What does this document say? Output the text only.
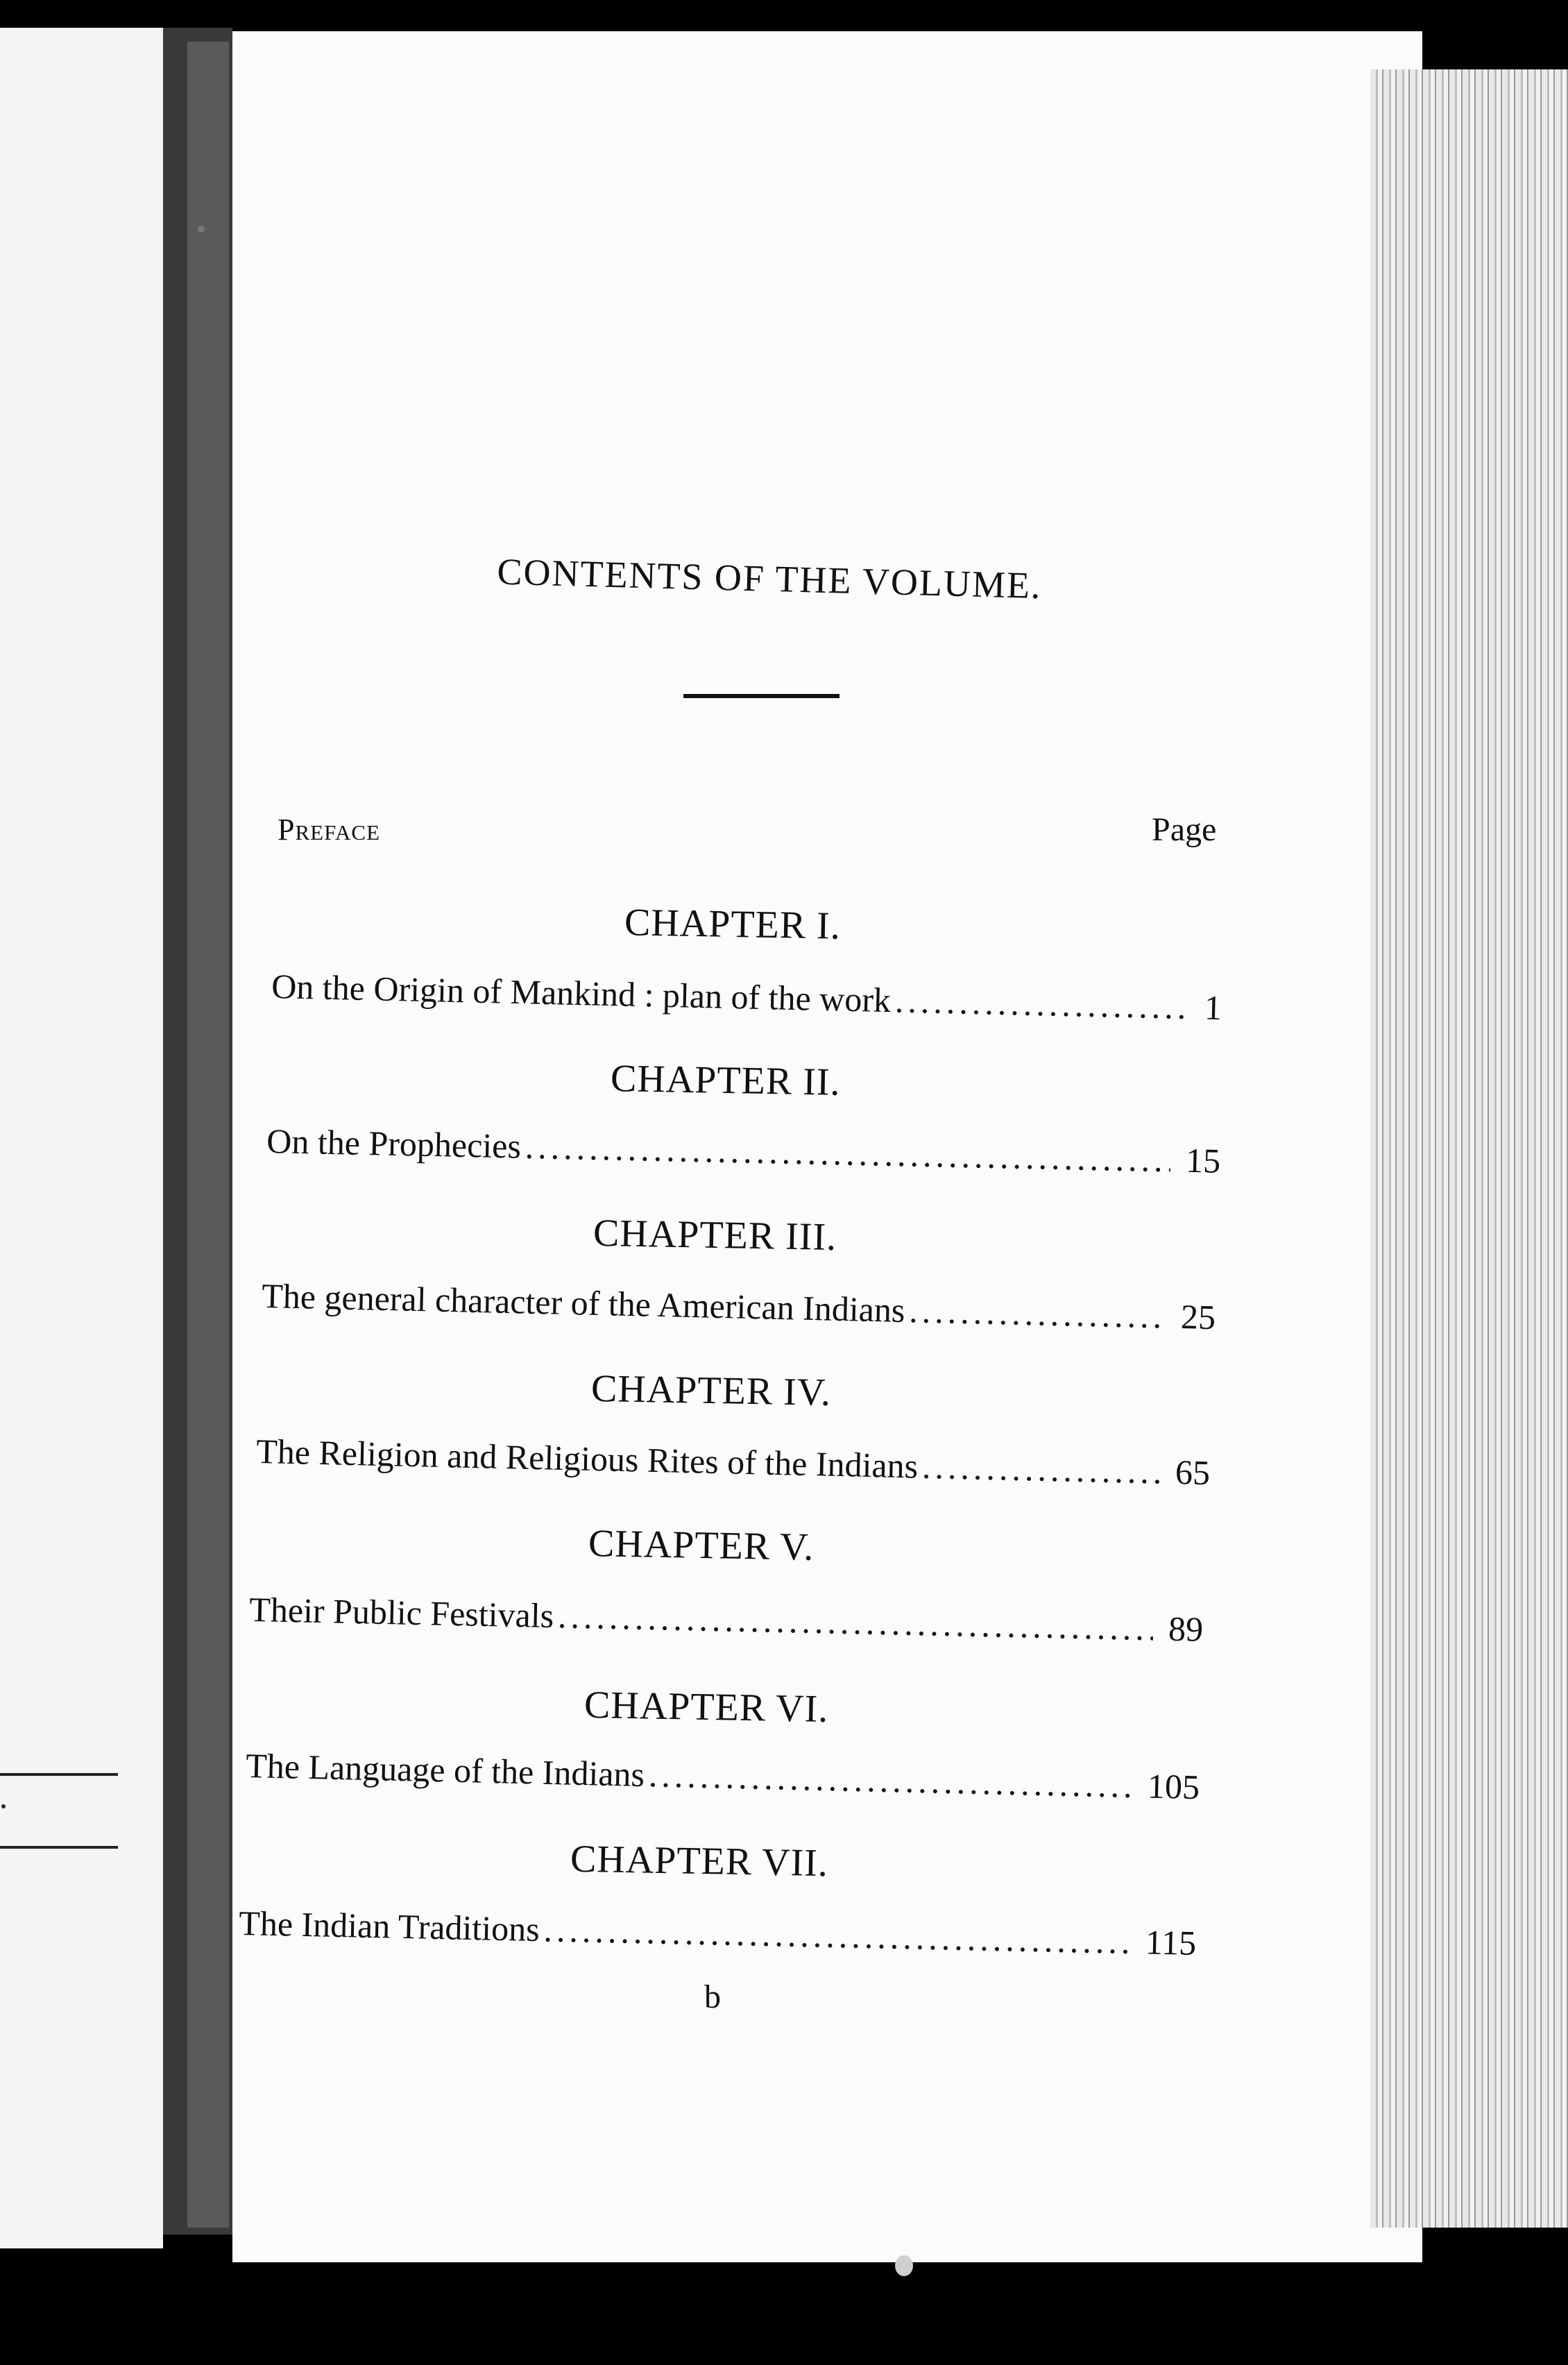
CONTENTS OF THE VOLUME.
Preface	Page
CHAPTER I.
On the Origin of Mankind : plan of the work .....	1
CHAPTER II.
On the Prophecies .....	15
CHAPTER III.
The general character of the American Indians .....	25
CHAPTER IV.
The Religion and Religious Rites of the Indians .....	65
CHAPTER V.
Their Public Festivals .....	89
CHAPTER VI.
The Language of the Indians .....	105
CHAPTER VII.
The Indian Traditions .....	115
b
